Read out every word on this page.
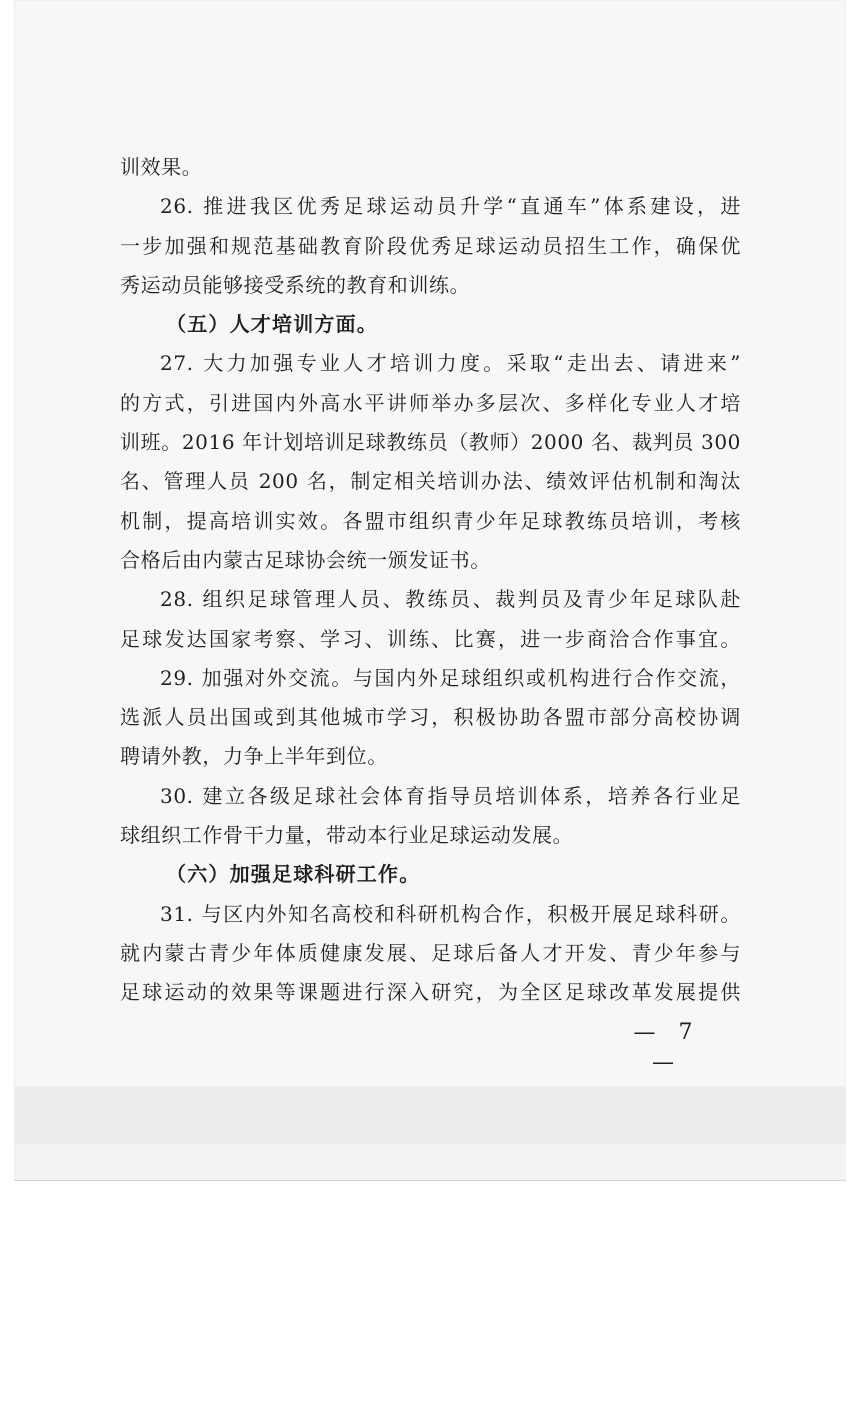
训效果。
26. 推进我区优秀足球运动员升学“直通车”体系建设，进
一步加强和规范基础教育阶段优秀足球运动员招生工作，确保优
秀运动员能够接受系统的教育和训练。
（五）人才培训方面。
27. 大力加强专业人才培训力度。采取“走出去、请进来”
的方式，引进国内外高水平讲师举办多层次、多样化专业人才培
训班。2016 年计划培训足球教练员（教师）2000 名、裁判员 300
名、管理人员 200 名，制定相关培训办法、绩效评估机制和淘汰
机制，提高培训实效。各盟市组织青少年足球教练员培训，考核
合格后由内蒙古足球协会统一颁发证书。
28. 组织足球管理人员、教练员、裁判员及青少年足球队赴
足球发达国家考察、学习、训练、比赛，进一步商洽合作事宜。
29. 加强对外交流。与国内外足球组织或机构进行合作交流，
选派人员出国或到其他城市学习，积极协助各盟市部分高校协调
聘请外教，力争上半年到位。
30. 建立各级足球社会体育指导员培训体系，培养各行业足
球组织工作骨干力量，带动本行业足球运动发展。
（六）加强足球科研工作。
31. 与区内外知名高校和科研机构合作，积极开展足球科研。
就内蒙古青少年体质健康发展、足球后备人才开发、青少年参与
足球运动的效果等课题进行深入研究，为全区足球改革发展提供
— 7 —
